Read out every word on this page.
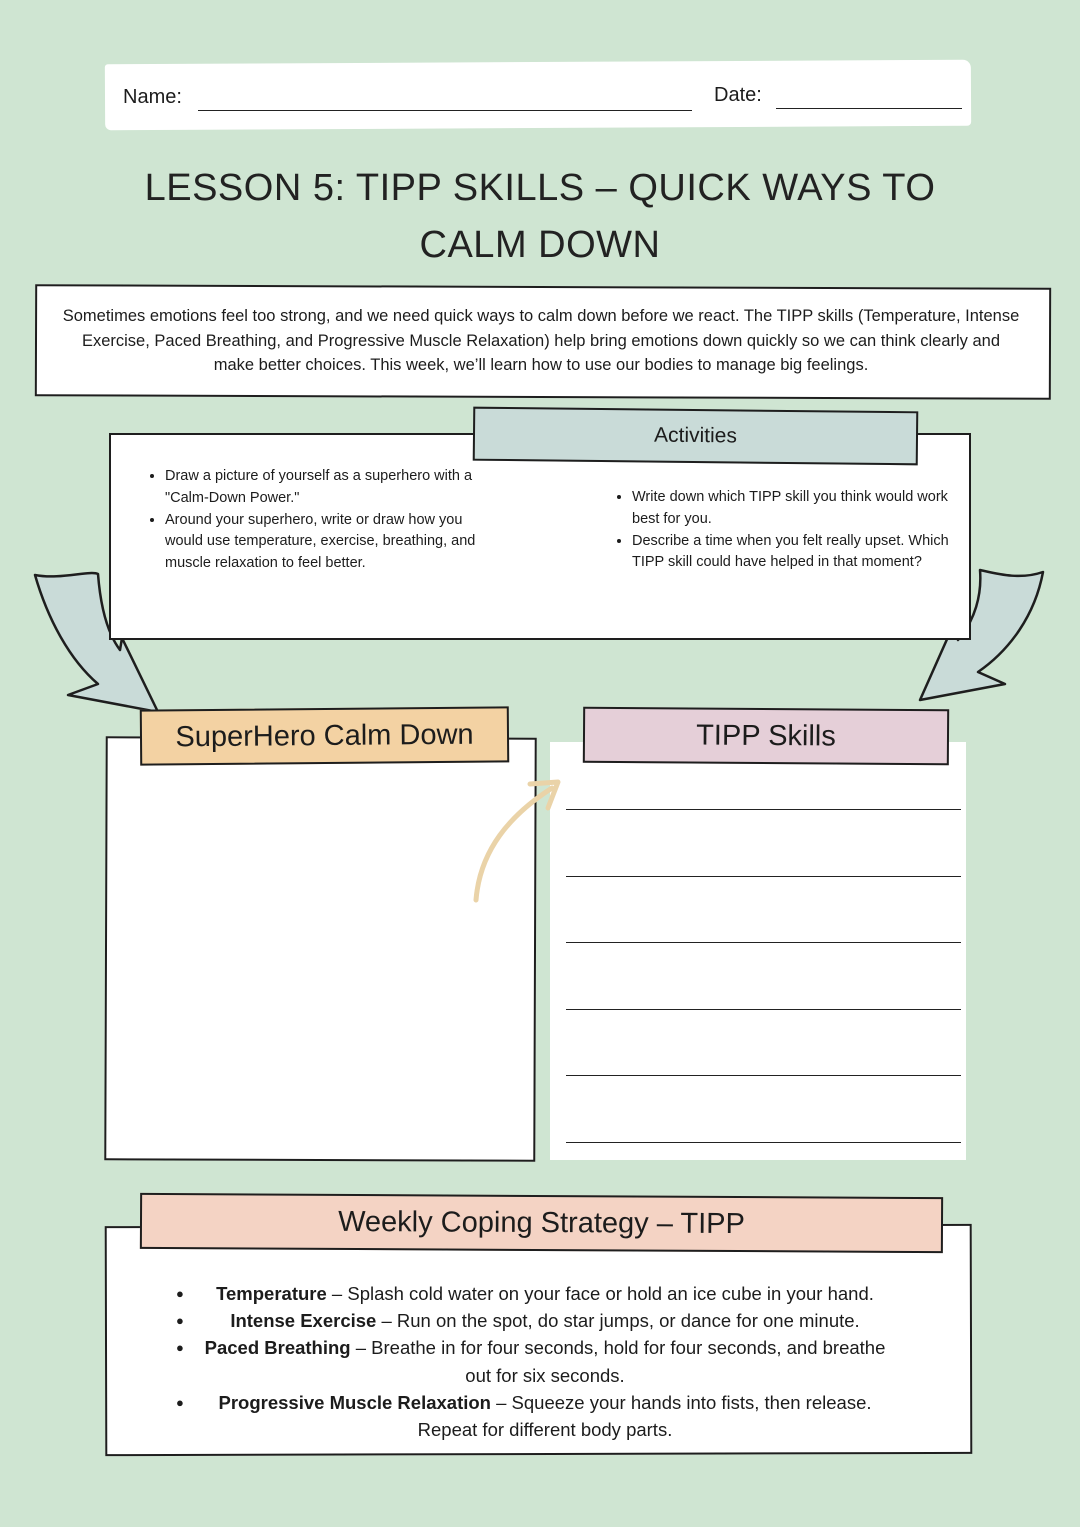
Name:	Date:
LESSON 5: TIPP SKILLS – QUICK WAYS TO CALM DOWN
Sometimes emotions feel too strong, and we need quick ways to calm down before we react. The TIPP skills (Temperature, Intense Exercise, Paced Breathing, and Progressive Muscle Relaxation) help bring emotions down quickly so we can think clearly and make better choices. This week, we’ll learn how to use our bodies to manage big feelings.
Activities
• Draw a picture of yourself as a superhero with a "Calm-Down Power."
• Around your superhero, write or draw how you would use temperature, exercise, breathing, and muscle relaxation to feel better.
• Write down which TIPP skill you think would work best for you.
• Describe a time when you felt really upset. Which TIPP skill could have helped in that moment?
SuperHero Calm Down	TIPP Skills
Weekly Coping Strategy – TIPP
● Temperature – Splash cold water on your face or hold an ice cube in your hand.
● Intense Exercise – Run on the spot, do star jumps, or dance for one minute.
● Paced Breathing – Breathe in for four seconds, hold for four seconds, and breathe out for six seconds.
● Progressive Muscle Relaxation – Squeeze your hands into fists, then release. Repeat for different body parts.
